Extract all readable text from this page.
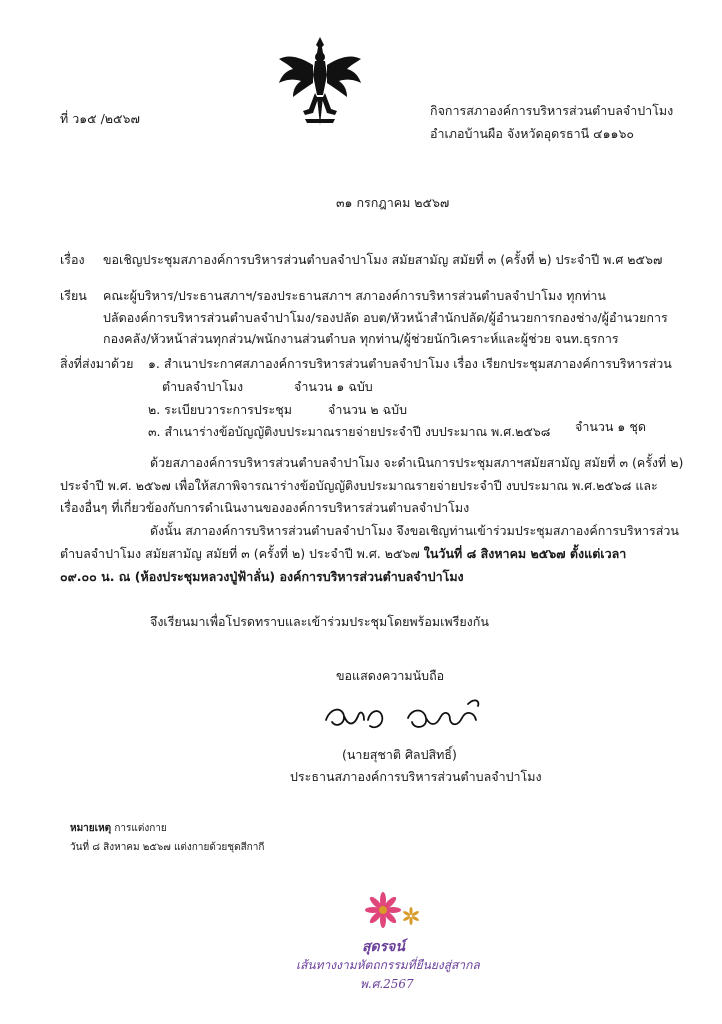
ที่ ว๑๕ /๒๕๖๗
กิจการสภาองค์การบริหารส่วนตำบลจำปาโมง
อำเภอบ้านผือ จังหวัดอุดรธานี ๔๑๑๖๐
๓๑ กรกฎาคม ๒๕๖๗
เรื่อง ขอเชิญประชุมสภาองค์การบริหารส่วนตำบลจำปาโมง สมัยสามัญ สมัยที่ ๓ (ครั้งที่ ๒) ประจำปี พ.ศ ๒๕๖๗
เรียน คณะผู้บริหาร/ประธานสภาฯ/รองประธานสภาฯ สภาองค์การบริหารส่วนตำบลจำปาโมง ทุกท่าน
ปลัดองค์การบริหารส่วนตำบลจำปาโมง/รองปลัด อบต/หัวหน้าสำนักปลัด/ผู้อำนวยการกองช่าง/ผู้อำนวยการ
กองคลัง/หัวหน้าส่วนทุกส่วน/พนักงานส่วนตำบล ทุกท่าน/ผู้ช่วยนักวิเคราะห์และผู้ช่วย จนท.ธุรการ
สิ่งที่ส่งมาด้วย ๑. สำเนาประกาศสภาองค์การบริหารส่วนตำบลจำปาโมง เรื่อง เรียกประชุมสภาองค์การบริหารส่วน
ตำบลจำปาโมง	จำนวน ๑ ฉบับ
๒. ระเบียบวาระการประชุม	จำนวน ๒ ฉบับ
๓. สำเนาร่างข้อบัญญัติงบประมาณรายจ่ายประจำปี งบประมาณ พ.ศ.๒๕๖๘ จำนวน ๑ ชุด
ด้วยสภาองค์การบริหารส่วนตำบลจำปาโมง จะดำเนินการประชุมสภาฯสมัยสามัญ สมัยที่ ๓ (ครั้งที่ ๒)
ประจำปี พ.ศ. ๒๕๖๗ เพื่อให้สภาพิจารณาร่างข้อบัญญัติงบประมาณรายจ่ายประจำปี งบประมาณ พ.ศ.๒๕๖๘ และ
เรื่องอื่นๆ ที่เกี่ยวข้องกับการดำเนินงานขององค์การบริหารส่วนตำบลจำปาโมง
ดังนั้น สภาองค์การบริหารส่วนตำบลจำปาโมง จึงขอเชิญท่านเข้าร่วมประชุมสภาองค์การบริหารส่วน
ตำบลจำปาโมง สมัยสามัญ สมัยที่ ๓ (ครั้งที่ ๒) ประจำปี พ.ศ. ๒๕๖๗ ในวันที่ ๘ สิงหาคม ๒๕๖๗ ตั้งแต่เวลา
๐๙.๐๐ น. ณ (ห้องประชุมหลวงปู่ฟ้าลั่น) องค์การบริหารส่วนตำบลจำปาโมง
จึงเรียนมาเพื่อโปรดทราบและเข้าร่วมประชุมโดยพร้อมเพรียงกัน
ขอแสดงความนับถือ
สุชาติ ศิลปสิทธิ์
(นายสุชาติ ศิลปสิทธิ์)
ประธานสภาองค์การบริหารส่วนตำบลจำปาโมง
หมายเหตุ การแต่งกาย
วันที่ ๘ สิงหาคม ๒๕๖๗ แต่งกายด้วยชุดสีกากี
สุดรจน์
เส้นทางงามหัตถกรรมที่ยืนยงสู่สากล
พ.ศ.2567
